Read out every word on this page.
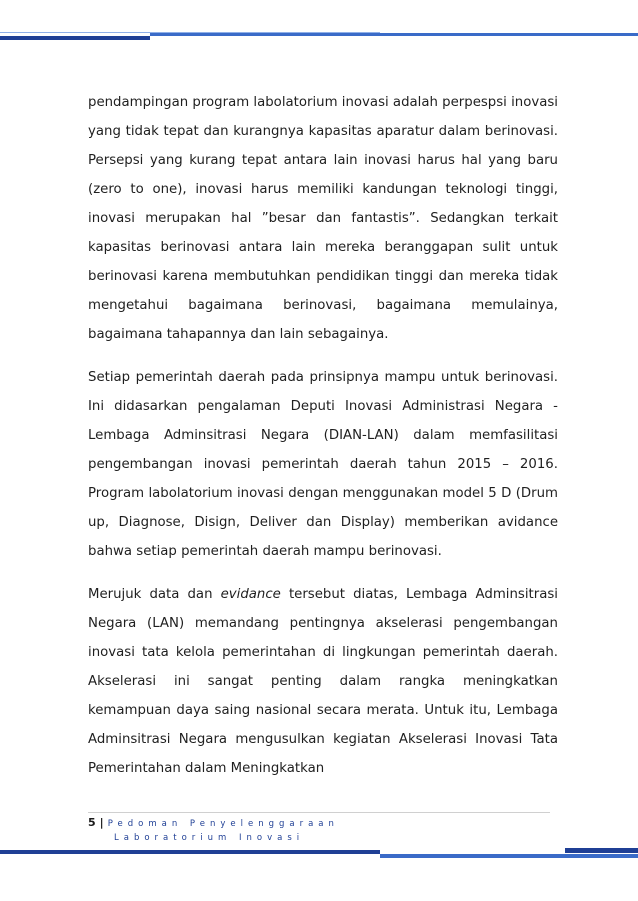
pendampingan program labolatorium inovasi adalah perpespsi inovasi yang tidak tepat dan kurangnya kapasitas aparatur dalam berinovasi. Persepsi yang kurang tepat antara lain inovasi harus hal yang baru (zero to one), inovasi harus memiliki kandungan teknologi tinggi, inovasi merupakan hal ”besar dan fantastis”. Sedangkan terkait kapasitas berinovasi antara lain mereka beranggapan sulit untuk berinovasi karena membutuhkan pendidikan tinggi dan mereka tidak mengetahui bagaimana berinovasi, bagaimana memulainya, bagaimana tahapannya dan lain sebagainya.

Setiap pemerintah daerah pada prinsipnya mampu untuk berinovasi. Ini didasarkan pengalaman Deputi Inovasi Administrasi Negara - Lembaga Adminsitrasi Negara (DIAN-LAN) dalam memfasilitasi pengembangan inovasi pemerintah daerah tahun 2015 – 2016. Program labolatorium inovasi dengan menggunakan model 5 D (Drum up, Diagnose, Disign, Deliver dan Display) memberikan avidance bahwa setiap pemerintah daerah mampu berinovasi.

Merujuk data dan evidance tersebut diatas, Lembaga Adminsitrasi Negara (LAN) memandang pentingnya akselerasi pengembangan inovasi tata kelola pemerintahan di lingkungan pemerintah daerah. Akselerasi ini sangat penting dalam rangka meningkatkan kemampuan daya saing nasional secara merata. Untuk itu, Lembaga Adminsitrasi Negara mengusulkan kegiatan Akselerasi Inovasi Tata Pemerintahan dalam Meningkatkan

5 | Pedoman Penyelenggaraan
Laboratorium Inovasi
